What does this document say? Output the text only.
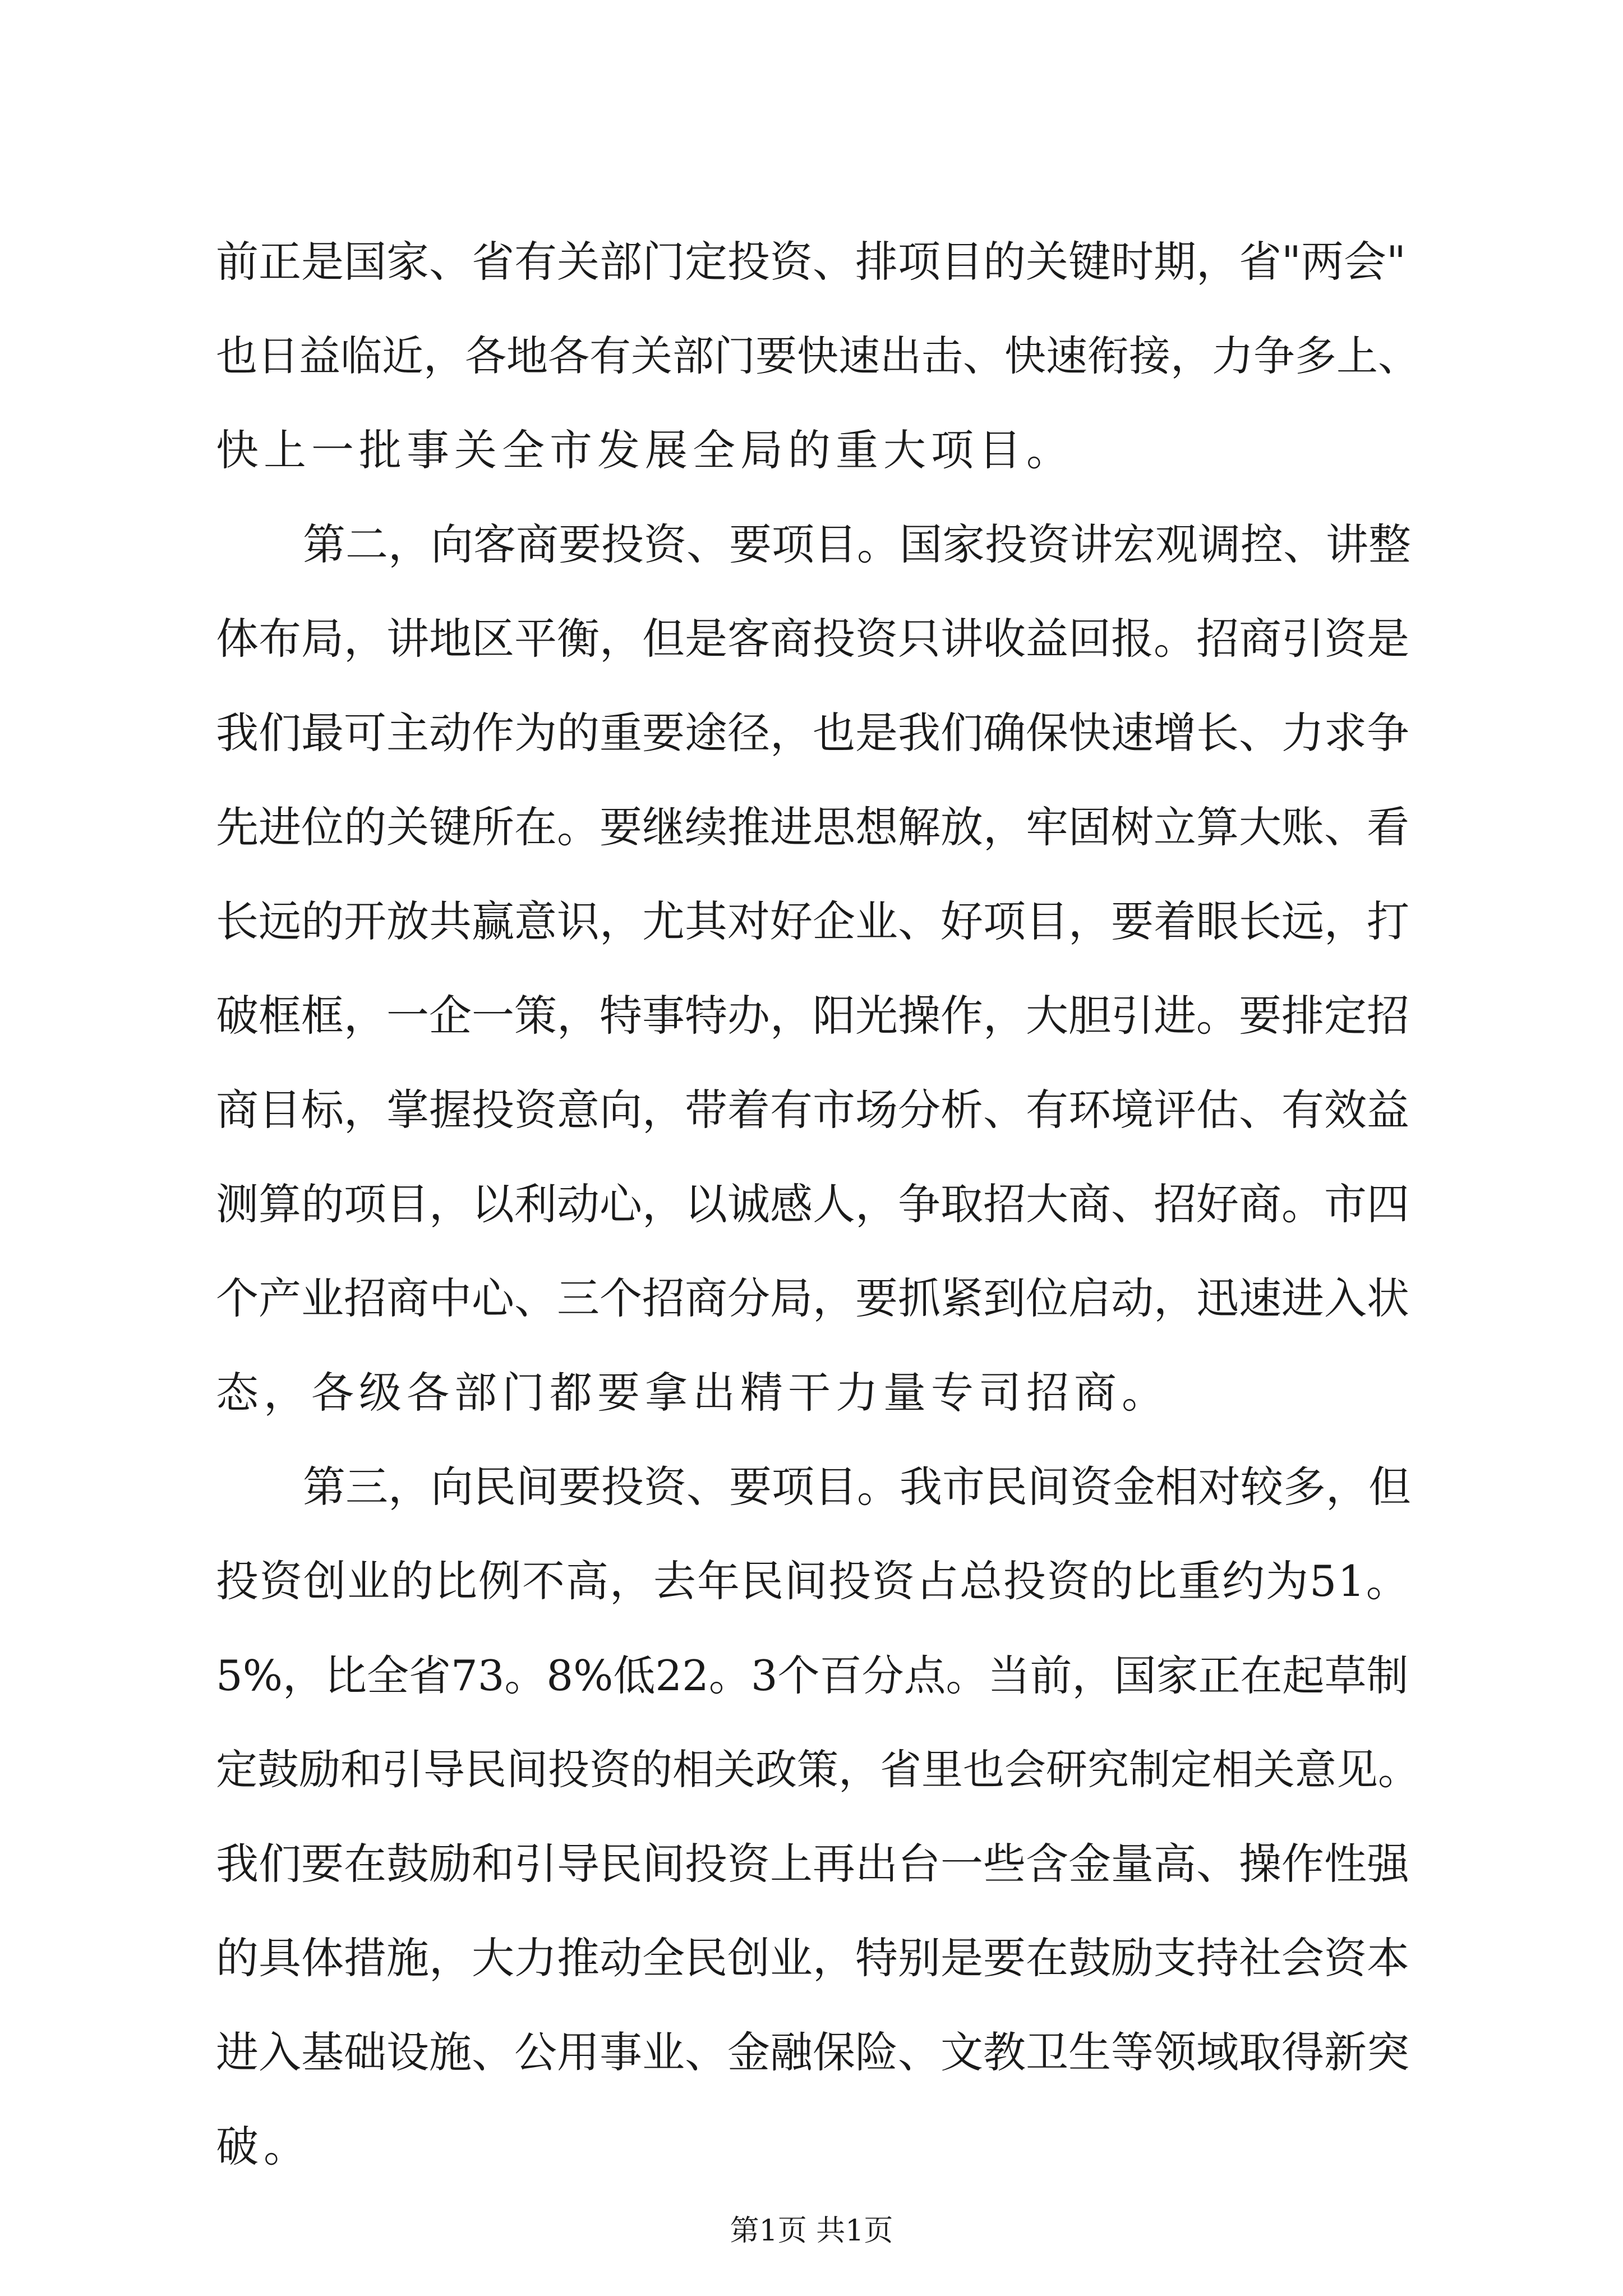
前正是国家、省有关部门定投资、排项目的关键时期，省"两会"
也日益临近，各地各有关部门要快速出击、快速衔接，力争多上、
快上一批事关全市发展全局的重大项目。
第二，向客商要投资、要项目。国家投资讲宏观调控、讲整
体布局，讲地区平衡，但是客商投资只讲收益回报。招商引资是
我们最可主动作为的重要途径，也是我们确保快速增长、力求争
先进位的关键所在。要继续推进思想解放，牢固树立算大账、看
长远的开放共赢意识，尤其对好企业、好项目，要着眼长远，打
破框框，一企一策，特事特办，阳光操作，大胆引进。要排定招
商目标，掌握投资意向，带着有市场分析、有环境评估、有效益
测算的项目，以利动心，以诚感人，争取招大商、招好商。市四
个产业招商中心、三个招商分局，要抓紧到位启动，迅速进入状
态，各级各部门都要拿出精干力量专司招商。
第三，向民间要投资、要项目。我市民间资金相对较多，但
投资创业的比例不高，去年民间投资占总投资的比重约为51。
5%，比全省73。8%低22。3个百分点。当前，国家正在起草制
定鼓励和引导民间投资的相关政策，省里也会研究制定相关意见。
我们要在鼓励和引导民间投资上再出台一些含金量高、操作性强
的具体措施，大力推动全民创业，特别是要在鼓励支持社会资本
进入基础设施、公用事业、金融保险、文教卫生等领域取得新突
破。
第1页 共1页
